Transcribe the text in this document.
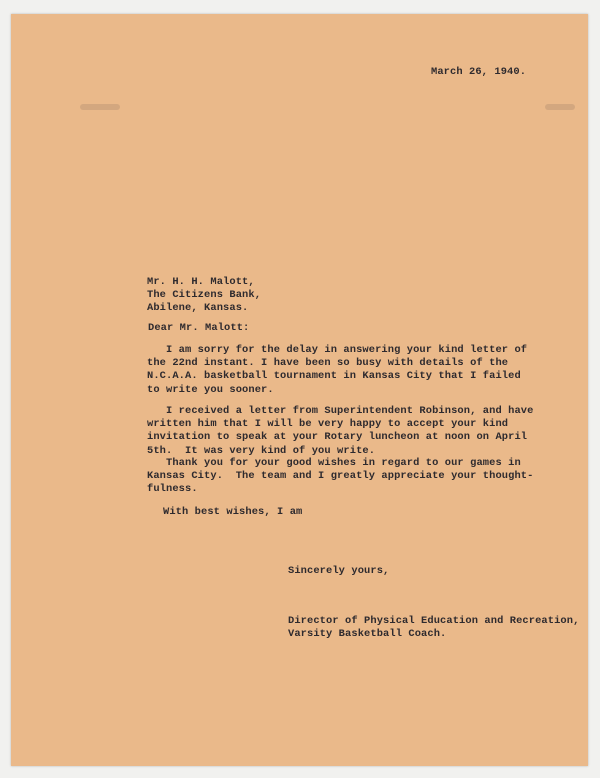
March 26, 1940.

Mr. H. H. Malott,
The Citizens Bank,
Abilene, Kansas.

Dear Mr. Malott:

I am sorry for the delay in answering your kind letter of
the 22nd instant. I have been so busy with details of the
N.C.A.A. basketball tournament in Kansas City that I failed
to write you sooner.
I received a letter from Superintendent Robinson, and have
written him that I will be very happy to accept your kind
invitation to speak at your Rotary luncheon at noon on April
5th.  It was very kind of you write.
Thank you for your good wishes in regard to our games in
Kansas City.  The team and I greatly appreciate your thought-
fulness.

With best wishes, I am

Sincerely yours,

Director of Physical Education and Recreation,
Varsity Basketball Coach.
